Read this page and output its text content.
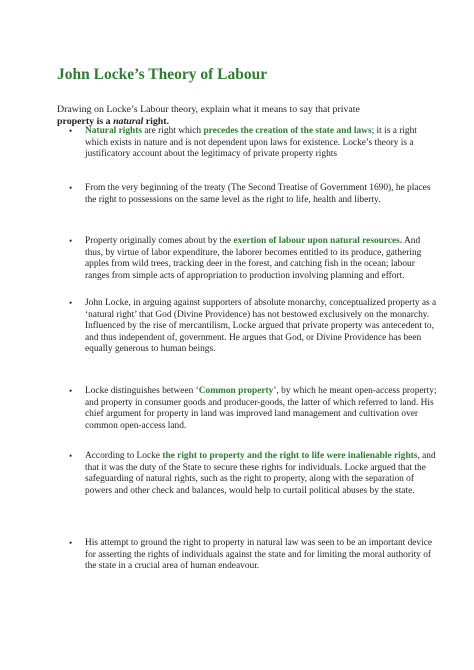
John Locke’s Theory of Labour

Drawing on Locke’s Labour theory, explain what it means to say that private
property is a natural right.

• Natural rights are right which precedes the creation of the state and laws; it is a right which exists in nature and is not dependent upon laws for existence. Locke’s theory is a justificatory account about the legitimacy of private property rights

• From the very beginning of the treaty (The Second Treatise of Government 1690), he places the right to possessions on the same level as the right to life, health and liberty.

• Property originally comes about by the exertion of labour upon natural resources. And thus, by virtue of labor expenditure, the laborer becomes entitled to its produce, gathering apples from wild trees, tracking deer in the forest, and catching fish in the ocean; labour ranges from simple acts of appropriation to production involving planning and effort.

• John Locke, in arguing against supporters of absolute monarchy, conceptualized property as a ‘natural right’ that God (Divine Providence) has not bestowed exclusively on the monarchy. Influenced by the rise of mercantilism, Locke argued that private property was antecedent to, and thus independent of, government. He argues that God, or Divine Providence has been equally generous to human beings.

• Locke distinguishes between ‘Common property’, by which he meant open-access property; and property in consumer goods and producer-goods, the latter of which referred to land. His chief argument for property in land was improved land management and cultivation over common open-access land.

• According to Locke the right to property and the right to life were inalienable rights, and that it was the duty of the State to secure these rights for individuals. Locke argued that the safeguarding of natural rights, such as the right to property, along with the separation of powers and other check and balances, would help to curtail political abuses by the state.

• His attempt to ground the right to property in natural law was seen to be an important device for asserting the rights of individuals against the state and for limiting the moral authority of the state in a crucial area of human endeavour.
